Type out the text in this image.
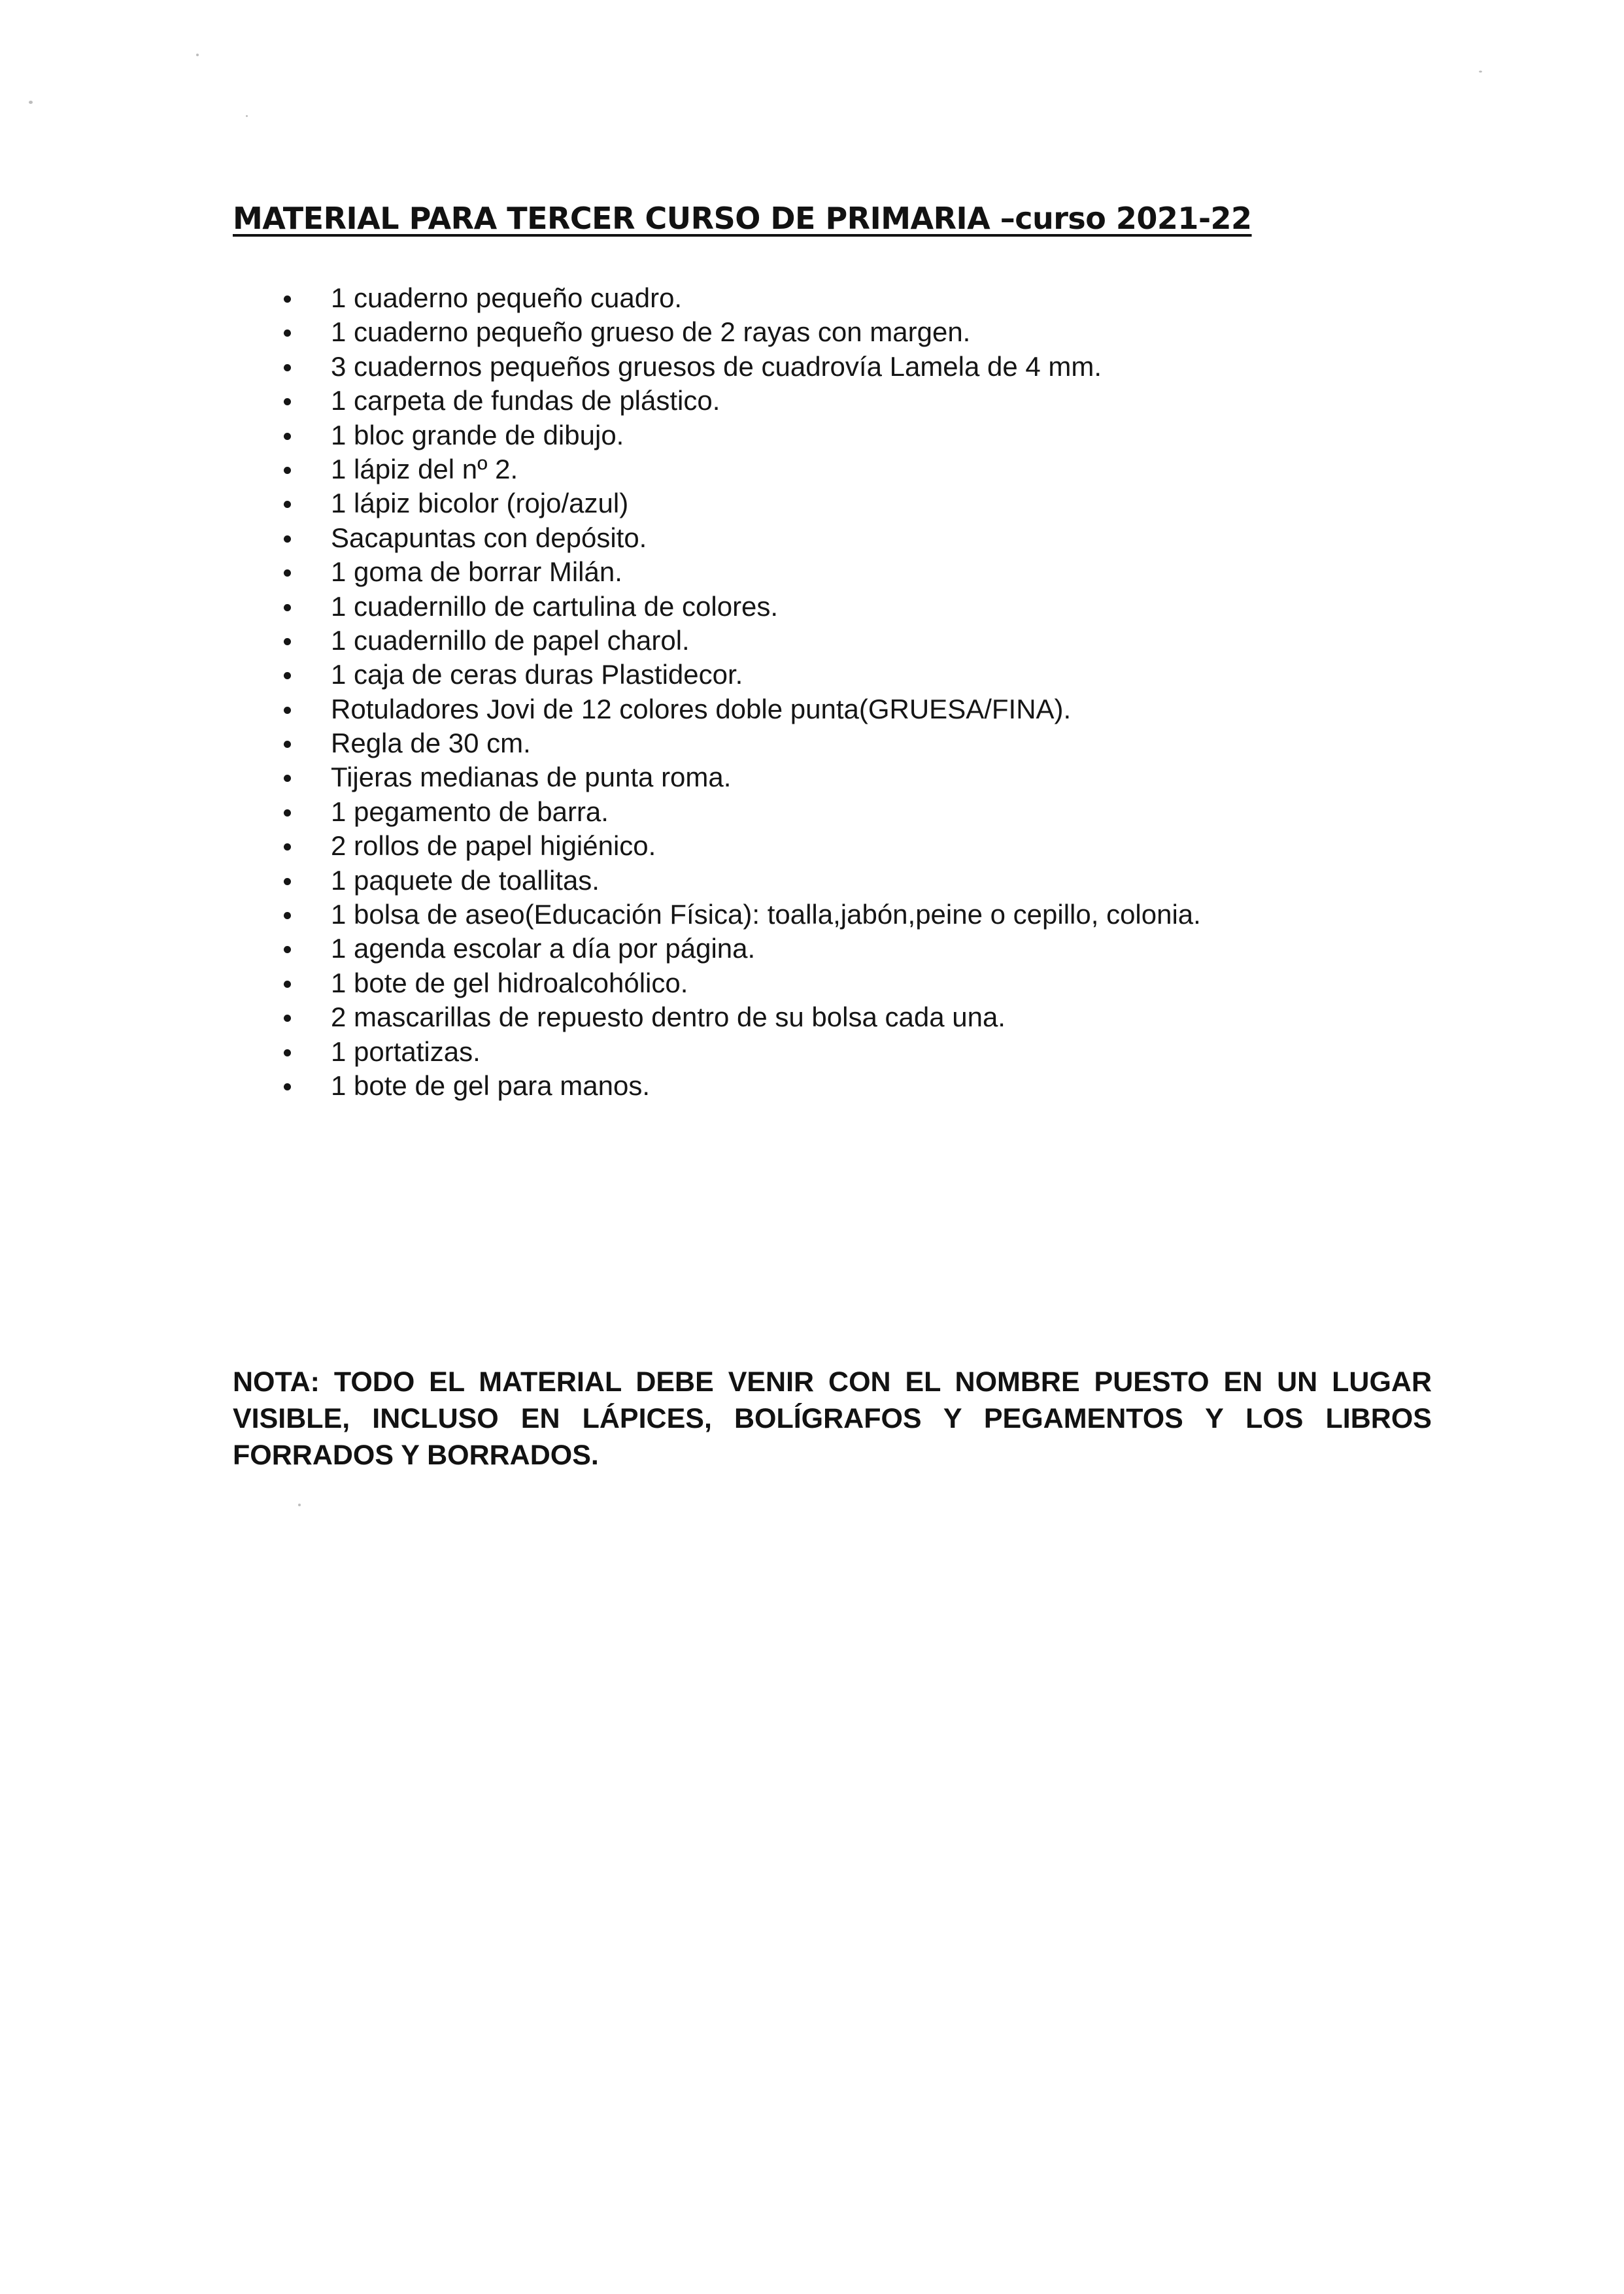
MATERIAL PARA TERCER CURSO DE PRIMARIA –curso 2021-22
1 cuaderno pequeño cuadro.
1 cuaderno pequeño grueso de 2 rayas con margen.
3 cuadernos pequeños gruesos de cuadrovía Lamela de 4 mm.
1 carpeta de fundas de plástico.
1 bloc grande de dibujo.
1 lápiz del nº 2.
1 lápiz bicolor (rojo/azul)
Sacapuntas con depósito.
1 goma de borrar Milán.
1 cuadernillo de cartulina de colores.
1 cuadernillo de papel charol.
1 caja de ceras duras Plastidecor.
Rotuladores Jovi de 12 colores doble punta(GRUESA/FINA).
Regla de 30 cm.
Tijeras medianas de punta roma.
1 pegamento de barra.
2 rollos de papel higiénico.
1 paquete de toallitas.
1 bolsa de aseo(Educación Física): toalla,jabón,peine o cepillo, colonia.
1 agenda escolar a día por página.
1 bote de gel hidroalcohólico.
2 mascarillas de repuesto dentro de su bolsa cada una.
1 portatizas.
1 bote de gel para manos.

NOTA: TODO EL MATERIAL DEBE VENIR CON EL NOMBRE PUESTO EN UN LUGAR VISIBLE, INCLUSO EN LÁPICES, BOLÍGRAFOS Y PEGAMENTOS Y LOS LIBROS FORRADOS Y BORRADOS.
